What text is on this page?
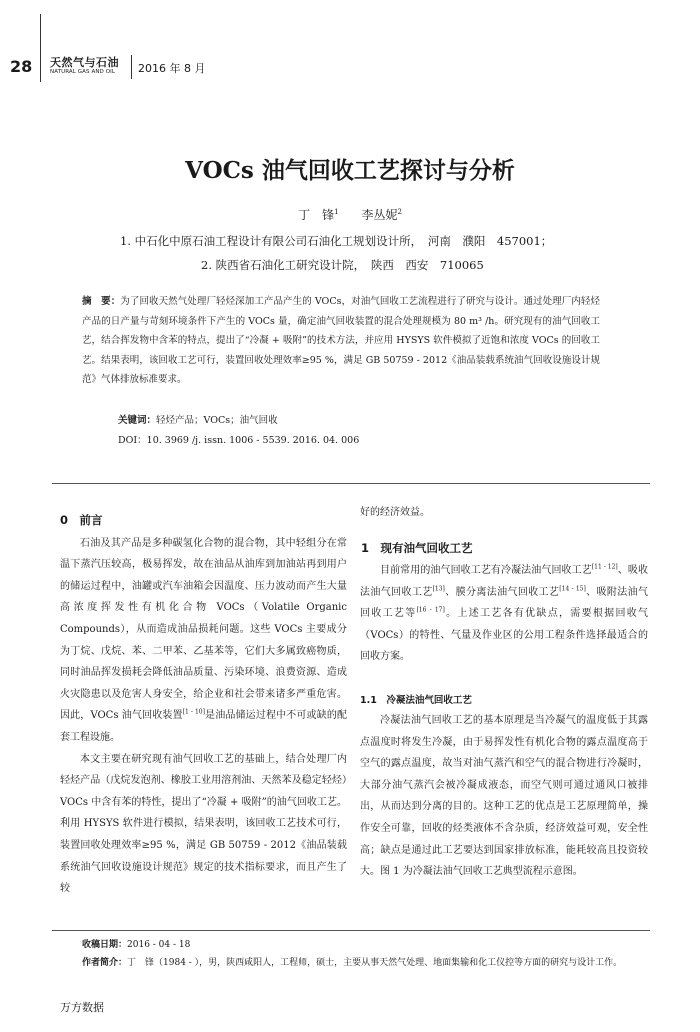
28 天然气与石油
NATURAL GAS AND OIL 2016 年 8 月
VOCs 油气回收工艺探讨与分析
丁　锋$^1$ 李丛妮$^2$
1. 中石化中原石油工程设计有限公司石油化工规划设计所，　河南　濮阳　457001；
2. 陕西省石油化工研究设计院，　陕西　西安　710065
摘　要：为了回收天然气处理厂轻烃深加工产品产生的 VOCs，对油气回收工艺流程进行了研究与设计。通过处理厂内轻烃产品的日产量与苛刻环境条件下产生的 VOCs 量，确定油气回收装置的混合处理规模为 80 m³ /h。研究现有的油气回收工艺，结合挥发物中含苯的特点，提出了“冷凝 + 吸附”的技术方法，并应用 HYSYS 软件模拟了近饱和浓度 VOCs 的回收工艺。结果表明，该回收工艺可行，装置回收处理效率≥95 %，满足 GB 50759 - 2012《油品装载系统油气回收设施设计规范》气体排放标准要求。
关键词：轻烃产品；VOCs；油气回收
DOI：10. 3969 /j. issn. 1006 - 5539. 2016. 04. 006
0　前言

石油及其产品是多种碳氢化合物的混合物，其中轻组分在常温下蒸汽压较高，极易挥发，故在油品从油库到加油站再到用户的储运过程中，油罐或汽车油箱会因温度、压力波动而产生大量高浓度挥发性有机化合物 VOCs（Volatile Organic Compounds），从而造成油品损耗问题。这些 VOCs 主要成分为丁烷、戊烷、苯、二甲苯、乙基苯等，它们大多属致癌物质，同时油品挥发损耗会降低油品质量、污染环境、浪费资源、造成火灾隐患以及危害人身安全，给企业和社会带来诸多严重危害。因此，VOCs 油气回收装置[1 - 10]是油品储运过程中不可或缺的配套工程设施。

本文主要在研究现有油气回收工艺的基础上，结合处理厂内轻烃产品（戊烷发泡剂、橡胶工业用溶剂油、天然苯及稳定轻烃）VOCs 中含有苯的特性，提出了“冷凝 + 吸附”的油气回收工艺。利用 HYSYS 软件进行模拟，结果表明，该回收工艺技术可行，装置回收处理效率≥95 %，满足 GB 50759 - 2012《油品装载系统油气回收设施设计规范》规定的技术指标要求，而且产生了较

好的经济效益。
1　现有油气回收工艺

目前常用的油气回收工艺有冷凝法油气回收工艺[11 - 12]、吸收法油气回收工艺[13]、膜分离法油气回收工艺[14 - 15]、吸附法油气回收工艺等[16 - 17]。上述工艺各有优缺点，需要根据回收气（VOCs）的特性、气量及作业区的公用工程条件选择最适合的回收方案。

1.1　冷凝法油气回收工艺

冷凝法油气回收工艺的基本原理是当冷凝气的温度低于其露点温度时将发生冷凝，由于易挥发性有机化合物的露点温度高于空气的露点温度，故当对油气蒸汽和空气的混合物进行冷凝时，大部分油气蒸汽会被冷凝成液态，而空气则可通过通风口被排出，从而达到分离的目的。这种工艺的优点是工艺原理简单，操作安全可靠，回收的烃类液体不含杂质，经济效益可观，安全性高；缺点是通过此工艺要达到国家排放标准，能耗较高且投资较大。图 1 为冷凝法油气回收工艺典型流程示意图。

收稿日期：2016 - 04 - 18
作者简介：丁　锋（1984 - ），男，陕西咸阳人，工程师，硕士，主要从事天然气处理、地面集输和化工仪控等方面的研究与设计工作。
万方数据
